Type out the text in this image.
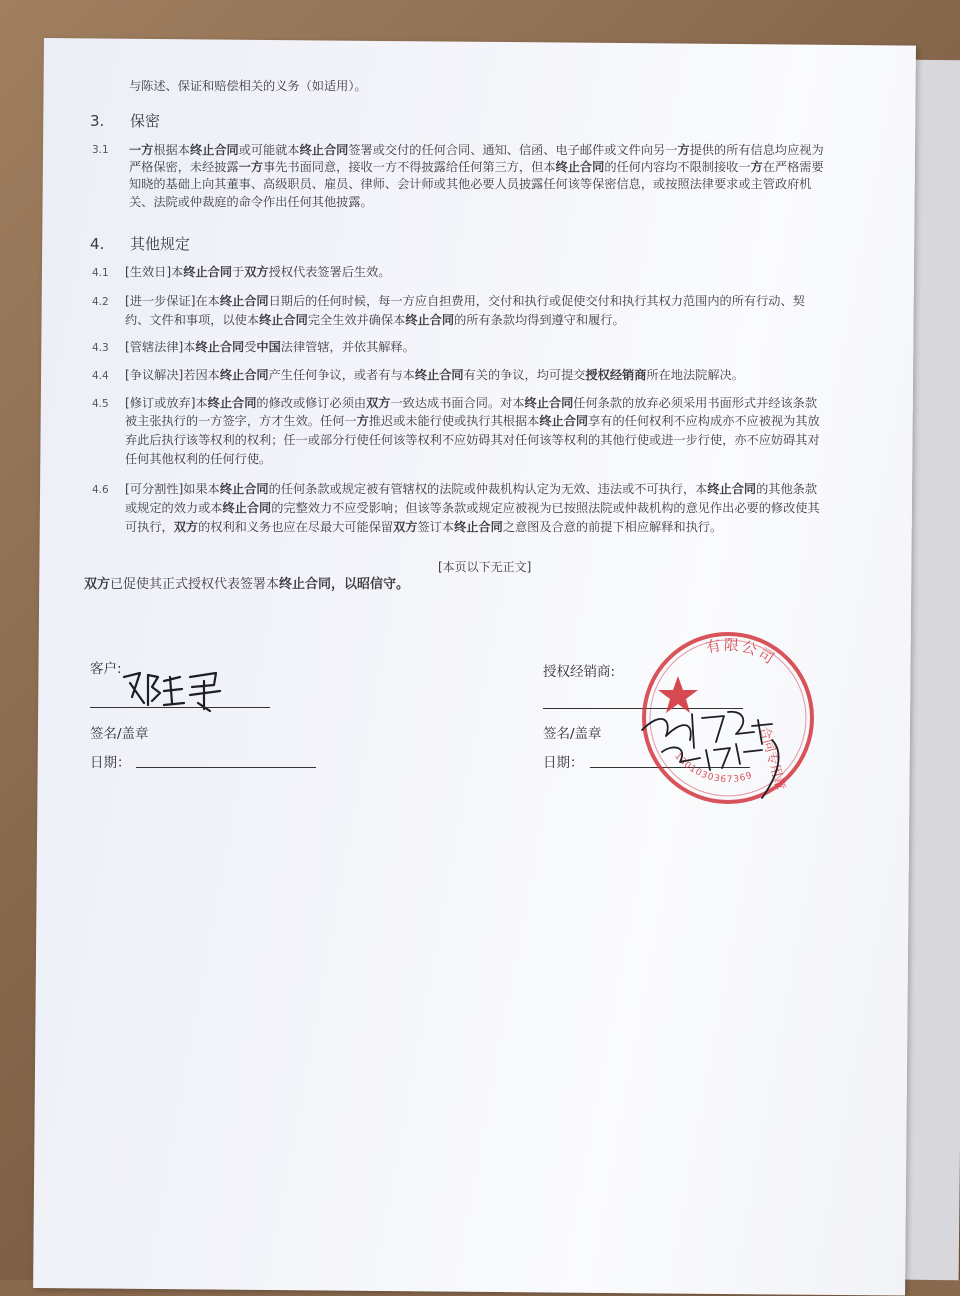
与陈述、保证和赔偿相关的义务（如适用）。
3. 保密
3.1 一方根据本终止合同或可能就本终止合同签署或交付的任何合同、通知、信函、电子邮件或文件向另一方提供的所有信息均应视为
严格保密，未经披露一方事先书面同意，接收一方不得披露给任何第三方，但本终止合同的任何内容均不限制接收一方在严格需要
知晓的基础上向其董事、高级职员、雇员、律师、会计师或其他必要人员披露任何该等保密信息，或按照法律要求或主管政府机
关、法院或仲裁庭的命令作出任何其他披露。
4. 其他规定
4.1 [生效日]本终止合同于双方授权代表签署后生效。
4.2 [进一步保证]在本终止合同日期后的任何时候，每一方应自担费用，交付和执行或促使交付和执行其权力范围内的所有行动、契
约、文件和事项，以使本终止合同完全生效并确保本终止合同的所有条款均得到遵守和履行。
4.3 [管辖法律]本终止合同受中国法律管辖，并依其解释。
4.4 [争议解决]若因本终止合同产生任何争议，或者有与本终止合同有关的争议，均可提交授权经销商所在地法院解决。
4.5 [修订或放弃]本终止合同的修改或修订必须由双方一致达成书面合同。对本终止合同任何条款的放弃必须采用书面形式并经该条款
被主张执行的一方签字，方才生效。任何一方推迟或未能行使或执行其根据本终止合同享有的任何权利不应构成亦不应被视为其放
弃此后执行该等权利的权利；任一或部分行使任何该等权利不应妨碍其对任何该等权利的其他行使或进一步行使，亦不应妨碍其对
任何其他权利的任何行使。
4.6 [可分割性]如果本终止合同的任何条款或规定被有管辖权的法院或仲裁机构认定为无效、违法或不可执行，本终止合同的其他条款
或规定的效力或本终止合同的完整效力不应受影响；但该等条款或规定应被视为已按照法院或仲裁机构的意见作出必要的修改使其
可执行，双方的权利和义务也应在尽最大可能保留双方签订本终止合同之意图及合意的前提下相应解释和执行。
[本页以下无正文]
双方已促使其正式授权代表签署本终止合同，以昭信守。
客户:
签名/盖章
日期：
授权经销商:
签名/盖章
日期：
有限公司
1301030367369 合同专用章
